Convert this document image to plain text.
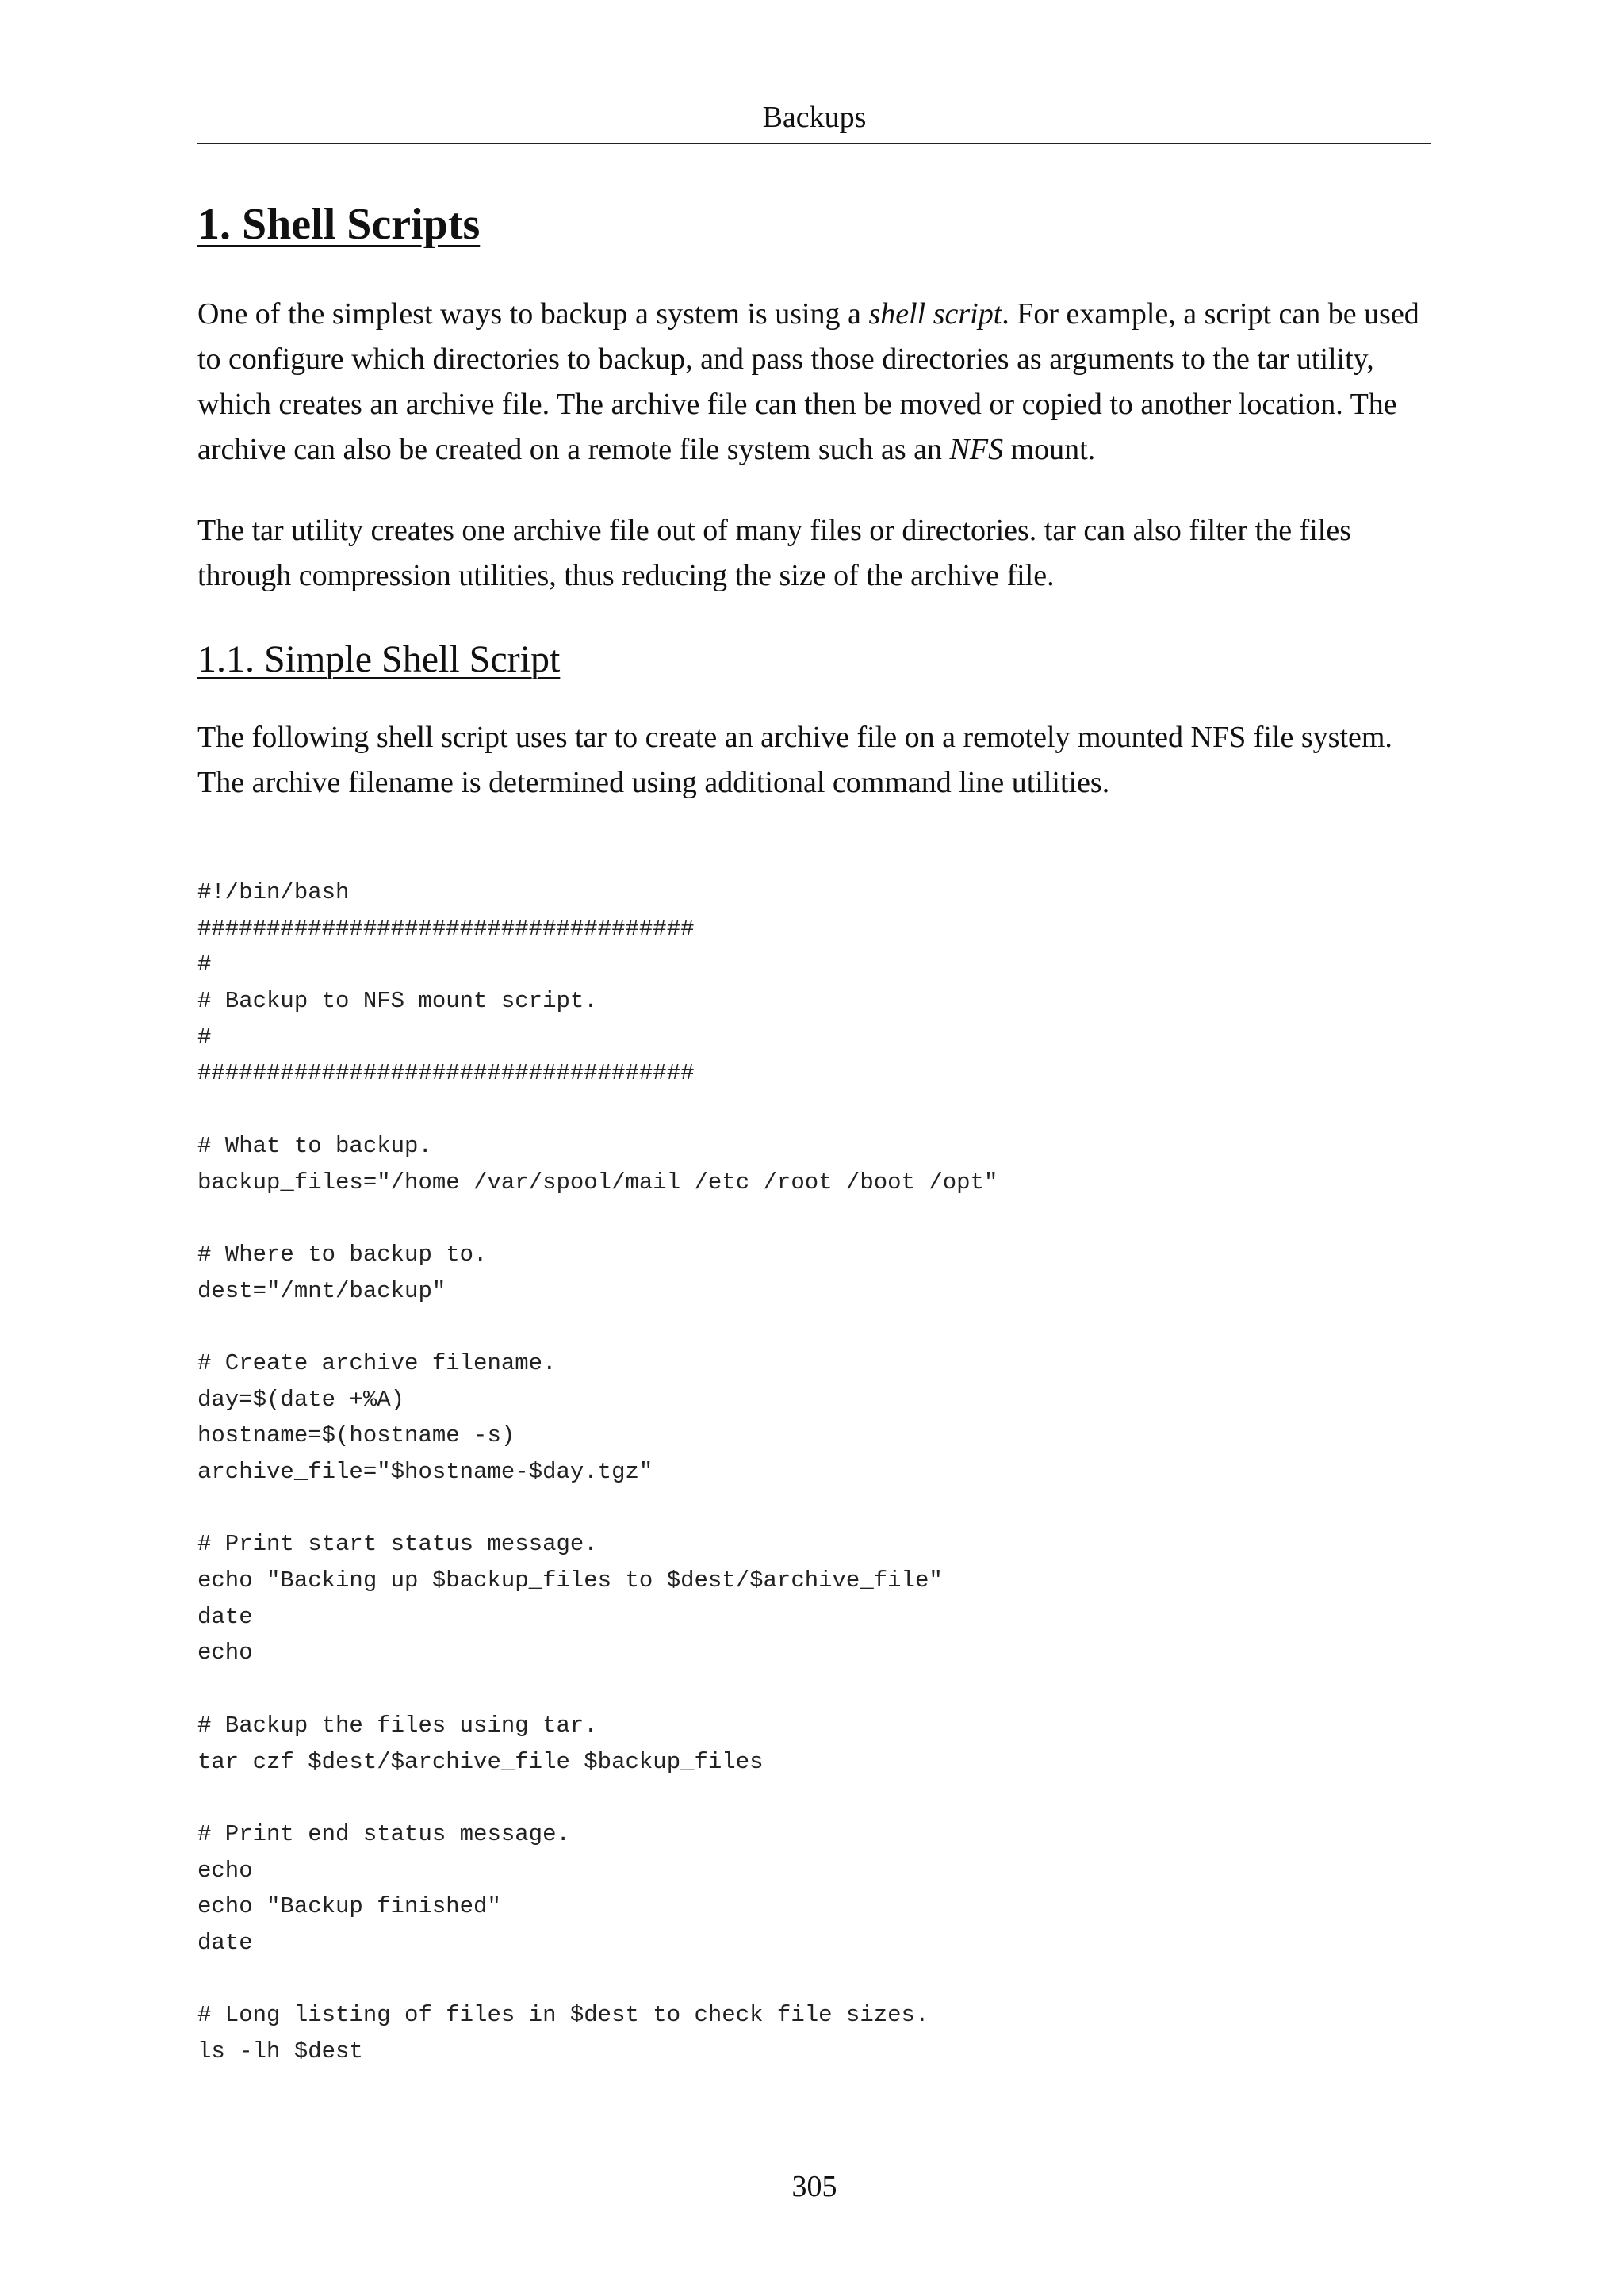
Backups
1. Shell Scripts

One of the simplest ways to backup a system is using a shell script. For example, a script can be used to configure which directories to backup, and pass those directories as arguments to the tar utility, which creates an archive file. The archive file can then be moved or copied to another location. The archive can also be created on a remote file system such as an NFS mount.

The tar utility creates one archive file out of many files or directories. tar can also filter the files through compression utilities, thus reducing the size of the archive file.

1.1. Simple Shell Script

The following shell script uses tar to create an archive file on a remotely mounted NFS file system. The archive filename is determined using additional command line utilities.

#!/bin/bash
####################################
#
# Backup to NFS mount script.
#
####################################
# What to backup.
backup_files="/home /var/spool/mail /etc /root /boot /opt"
# Where to backup to.
dest="/mnt/backup"
# Create archive filename.
day=$(date +%A)
hostname=$(hostname -s)
archive_file="$hostname-$day.tgz"
# Print start status message.
echo "Backing up $backup_files to $dest/$archive_file"
date
echo
# Backup the files using tar.
tar czf $dest/$archive_file $backup_files
# Print end status message.
echo
echo "Backup finished"
date
# Long listing of files in $dest to check file sizes.
ls -lh $dest
305
